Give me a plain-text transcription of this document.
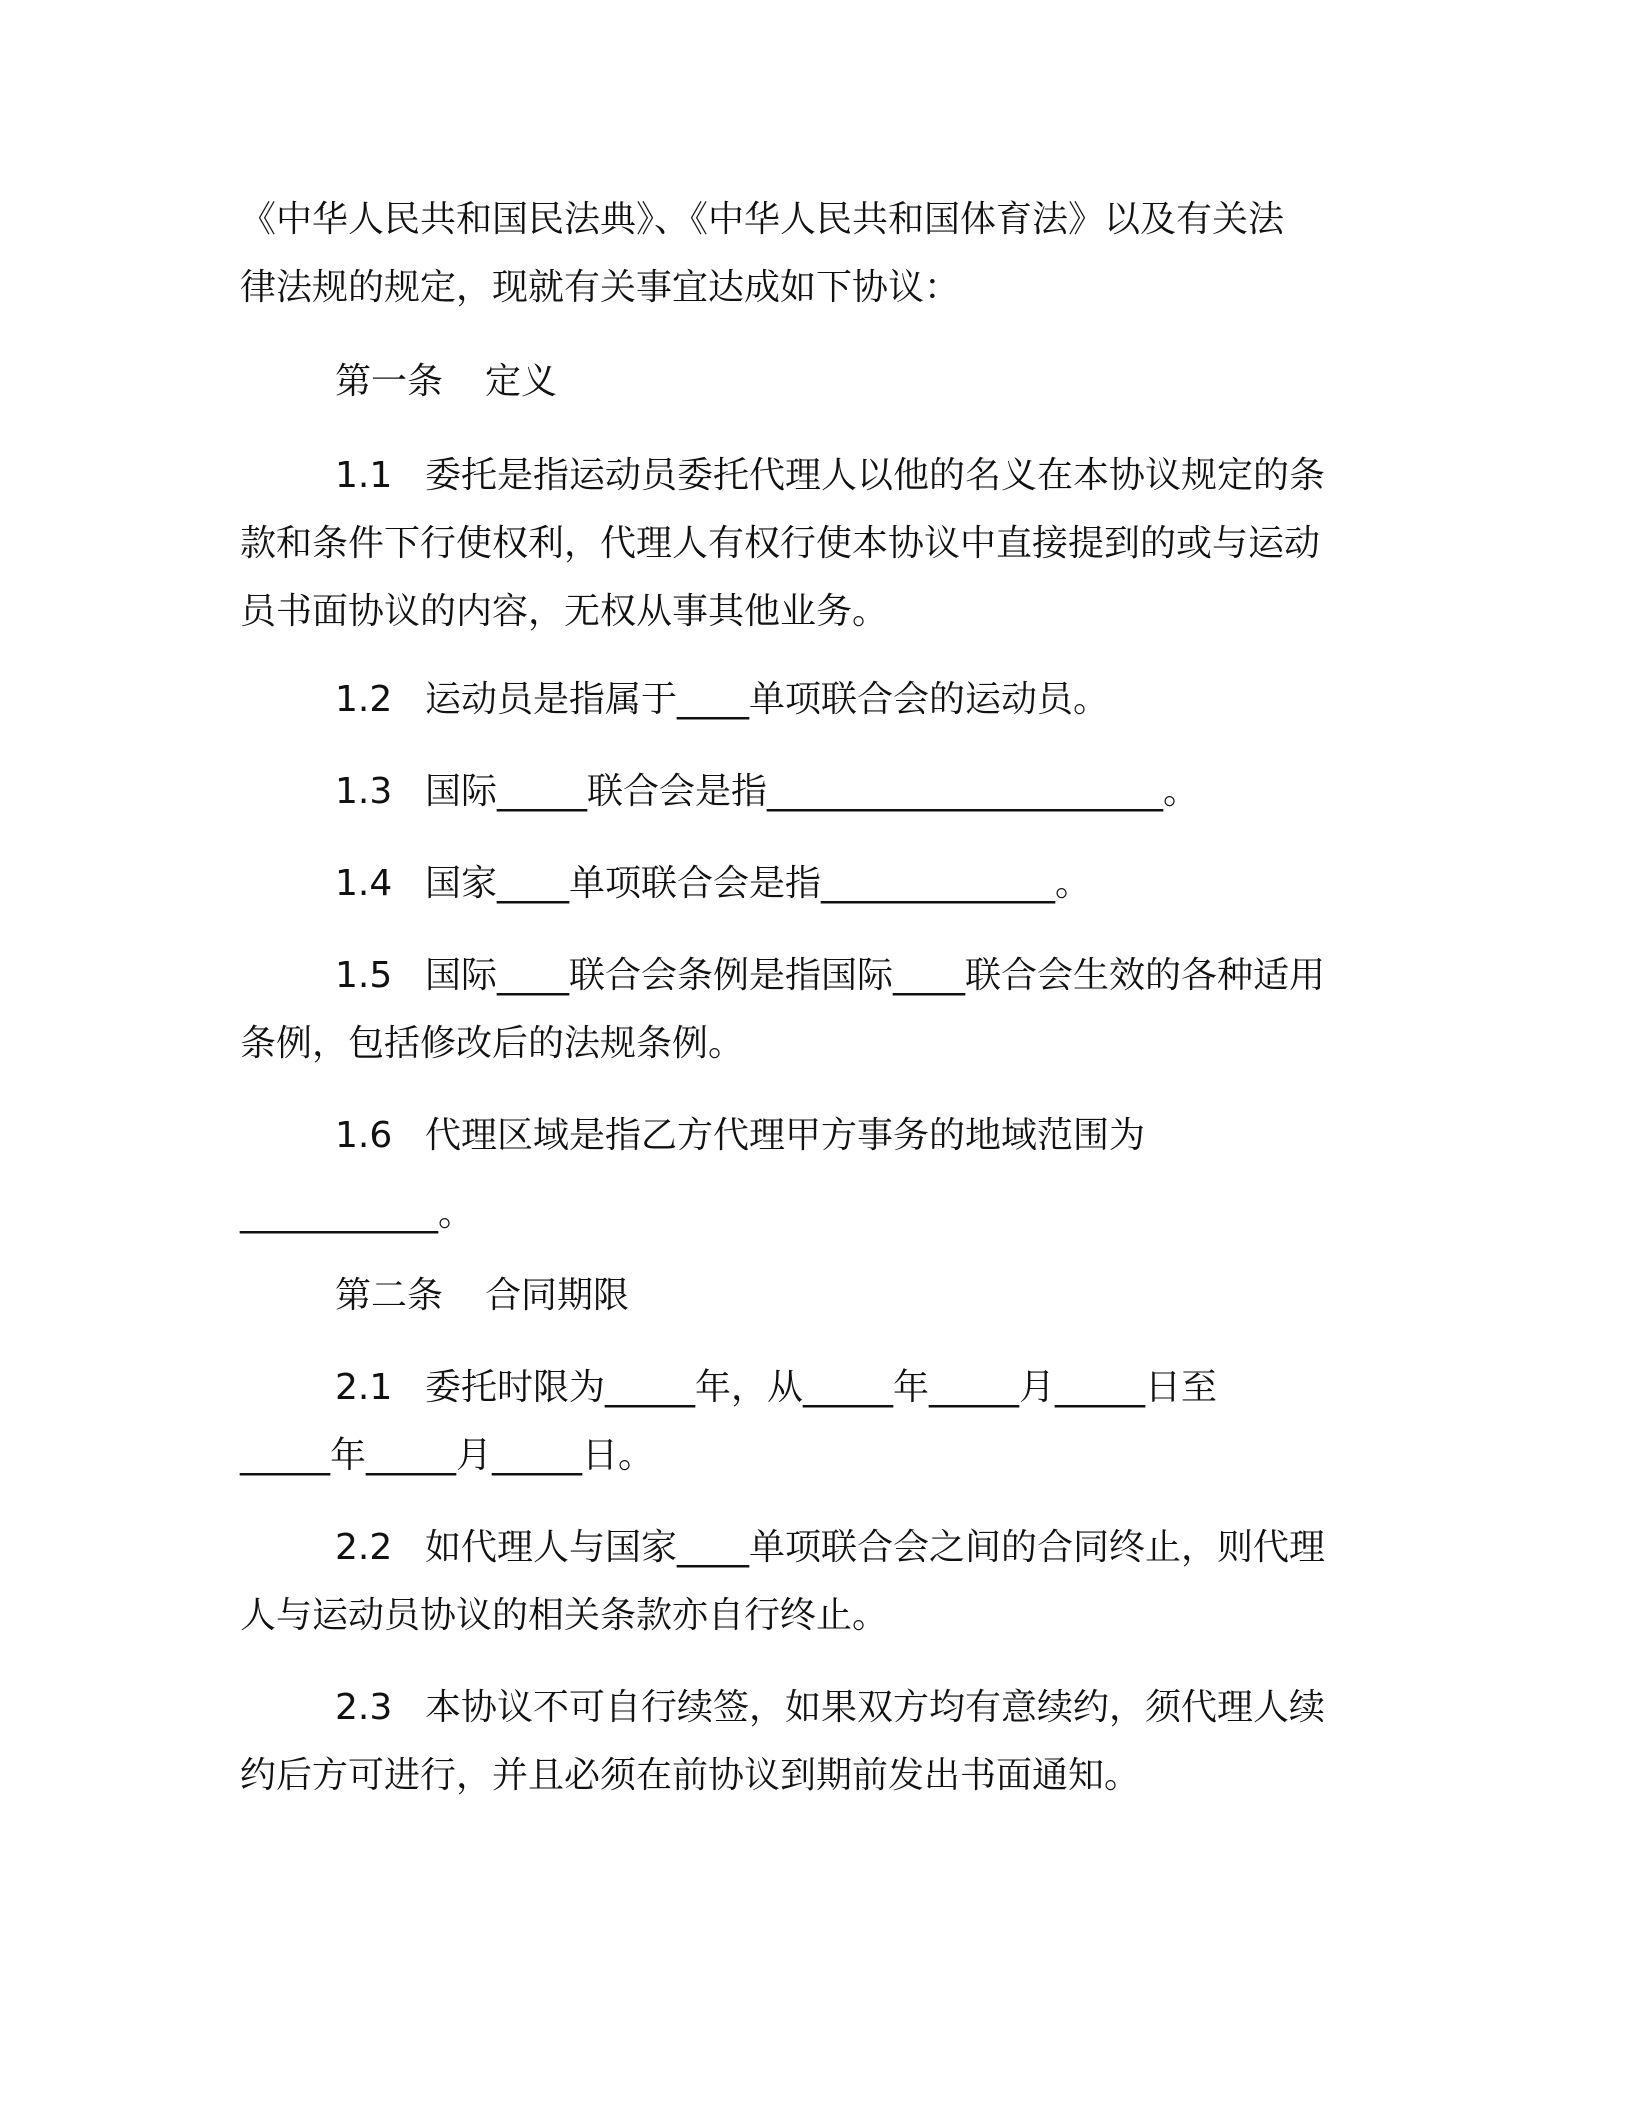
《中华人民共和国民法典》、《中华人民共和国体育法》以及有关法
律法规的规定，现就有关事宜达成如下协议：
第一条 定义
1.1 委托是指运动员委托代理人以他的名义在本协议规定的条
款和条件下行使权利，代理人有权行使本协议中直接提到的或与运动
员书面协议的内容，无权从事其他业务。
1.2 运动员是指属于____单项联合会的运动员。
1.3 国际_____联合会是指______________________。
1.4 国家____单项联合会是指_____________。
1.5 国际____联合会条例是指国际____联合会生效的各种适用
条例，包括修改后的法规条例。
1.6 代理区域是指乙方代理甲方事务的地域范围为
___________。
第二条 合同期限
2.1 委托时限为_____年，从_____年_____月_____日至
_____年_____月_____日。
2.2 如代理人与国家____单项联合会之间的合同终止，则代理
人与运动员协议的相关条款亦自行终止。
2.3 本协议不可自行续签，如果双方均有意续约，须代理人续
约后方可进行，并且必须在前协议到期前发出书面通知。
